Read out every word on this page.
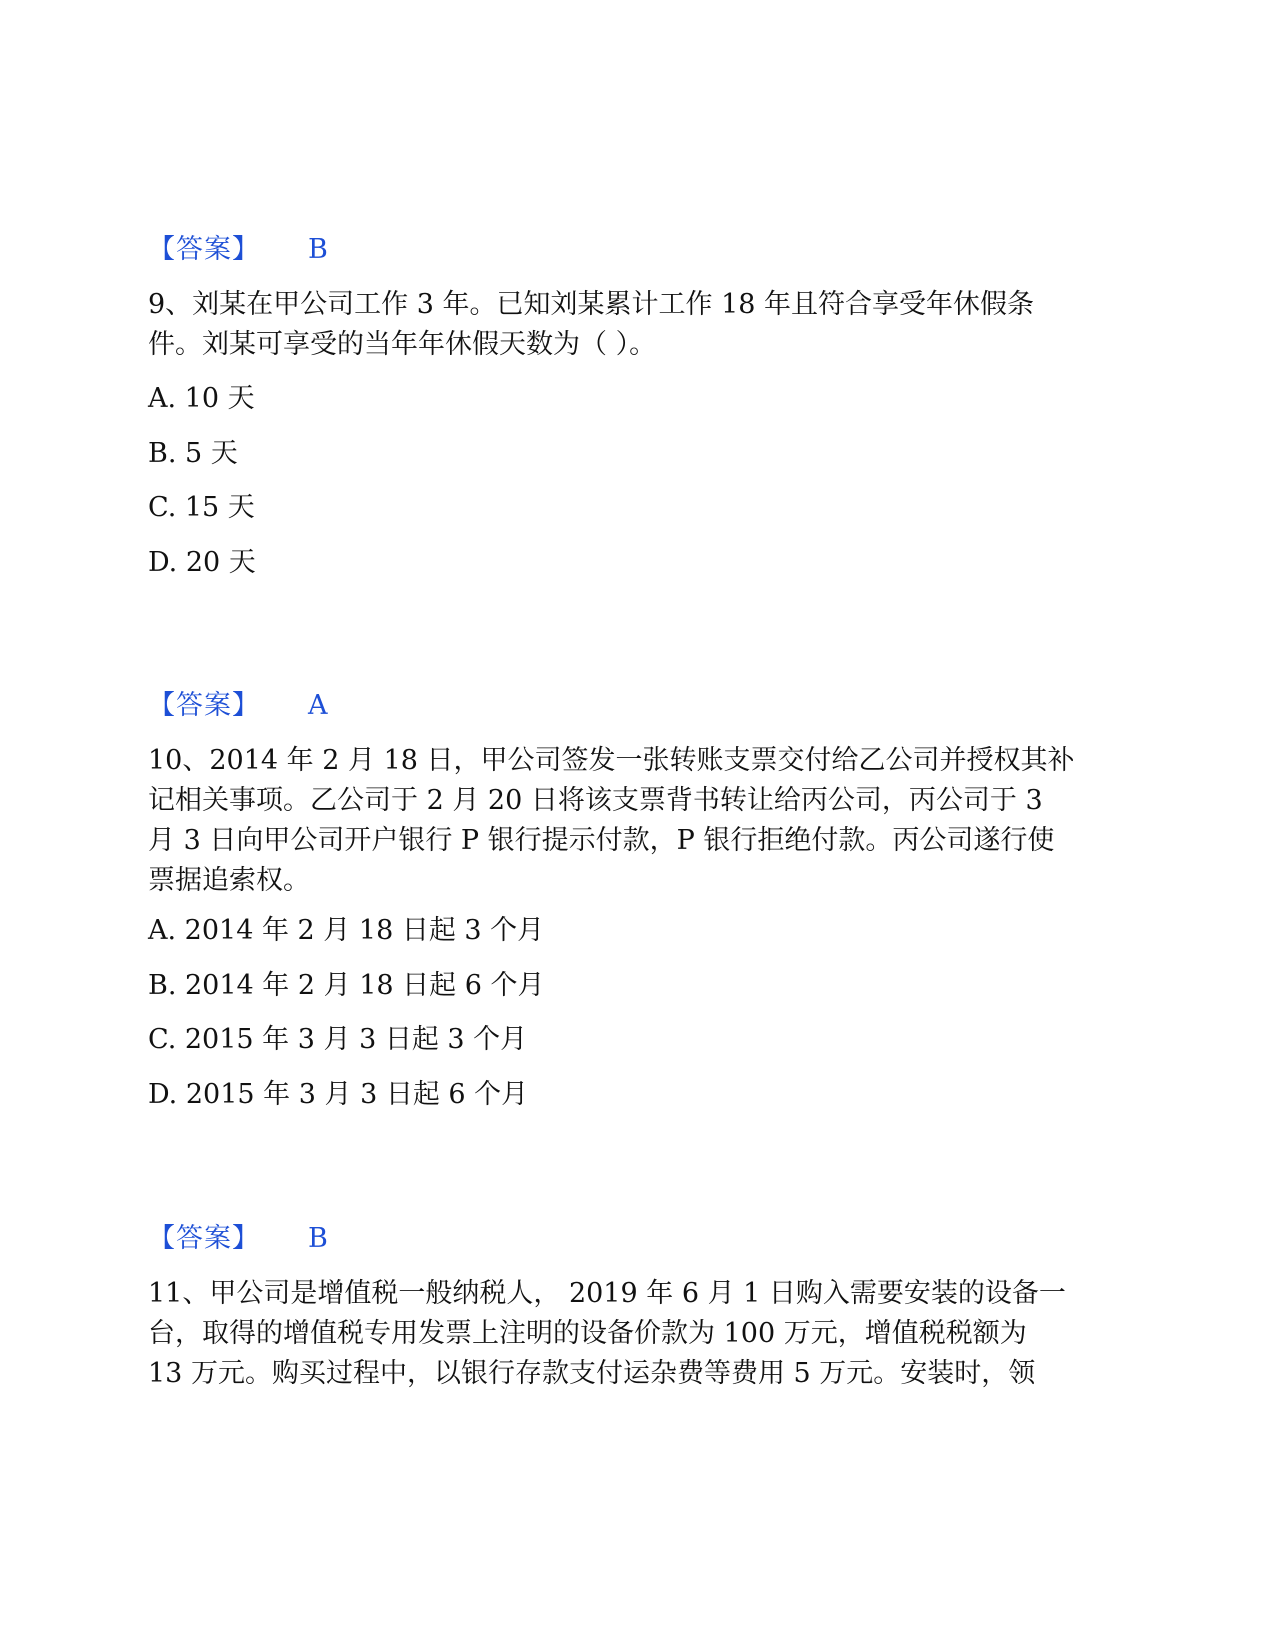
【答案】 B

9、刘某在甲公司工作 3 年。已知刘某累计工作 18 年且符合享受年休假条
件。刘某可享受的当年年休假天数为（ ）。

A. 10 天
B. 5 天
C. 15 天
D. 20 天
【答案】 A

10、2014 年 2 月 18 日，甲公司签发一张转账支票交付给乙公司并授权其补
记相关事项。乙公司于 2 月 20 日将该支票背书转让给丙公司，丙公司于 3
月 3 日向甲公司开户银行 P 银行提示付款，P 银行拒绝付款。丙公司遂行使
票据追索权。

A. 2014 年 2 月 18 日起 3 个月
B. 2014 年 2 月 18 日起 6 个月
C. 2015 年 3 月 3 日起 3 个月
D. 2015 年 3 月 3 日起 6 个月
【答案】 B

11、甲公司是增值税一般纳税人， 2019 年 6 月 1 日购入需要安装的设备一
台，取得的增值税专用发票上注明的设备价款为 100 万元，增值税税额为
13 万元。购买过程中，以银行存款支付运杂费等费用 5 万元。安装时，领
